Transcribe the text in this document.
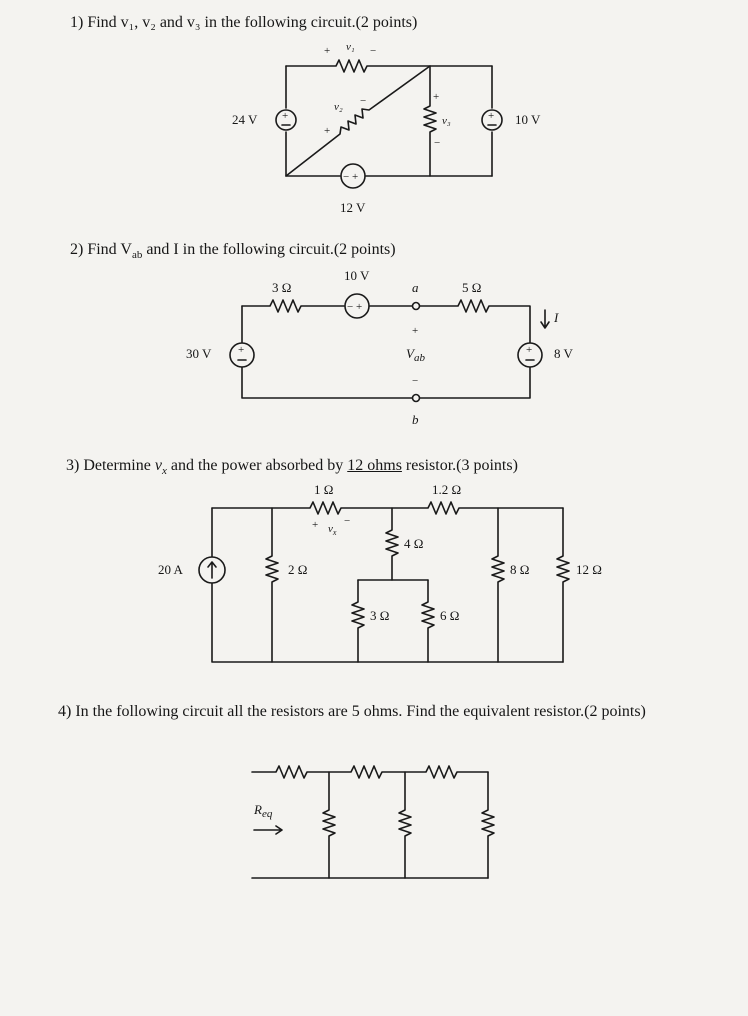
1) Find v₁, v₂ and v₃ in the following circuit.(2 points)

2) Find $V_{ab}$ and I in the following circuit.(2 points)

3) Determine $v_x$ and the power absorbed by 12 ohms resistor.(3 points)

4) In the following circuit all the resistors are 5 ohms. Find the equivalent resistor.(2 points)

+
− +
+
24 V	10 V
12 V
+ v₁ −
v₂ −
+
+
v₃
−
− +
+	+
3 Ω
10 V
a	5 Ω
I
30 V
+
$V_{ab}$
−
8 V
b
1 Ω	1.2 Ω
+ $v_x$
−
20 A	2 Ω
4 Ω
3 Ω	6 Ω
8 Ω	12 Ω
$R_{eq}$
